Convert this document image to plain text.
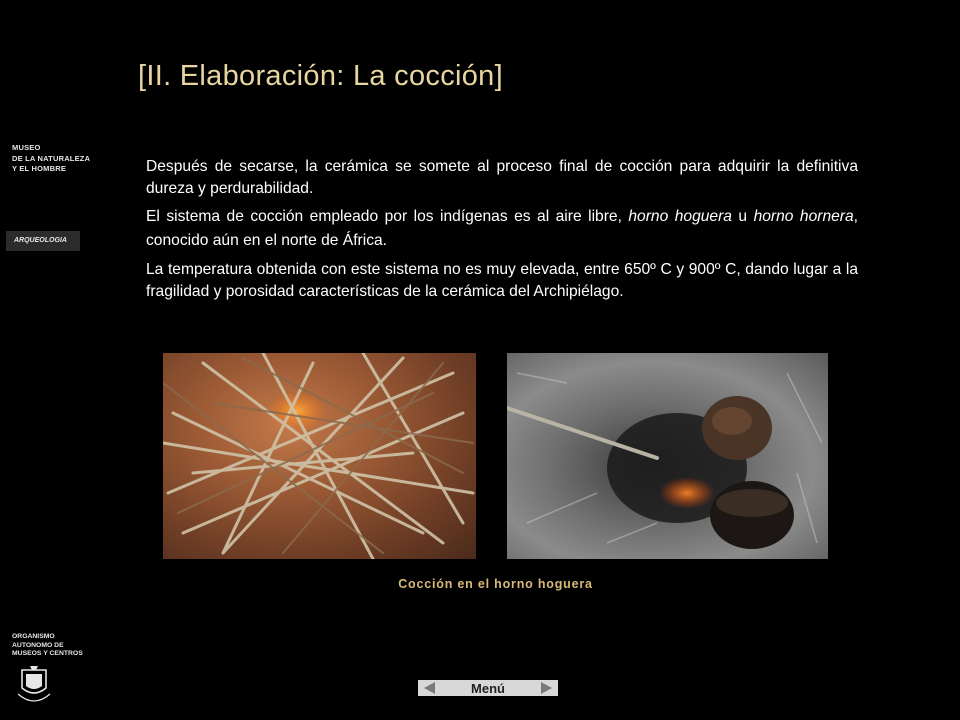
[II. Elaboración: La cocción]
MUSEO
DE LA NATURALEZA
Y EL HOMBRE
ARQUEOLOGIA

Después de secarse, la cerámica se somete al proceso final de cocción para adquirir la definitiva dureza y perdurabilidad.

El sistema de cocción empleado por los indígenas es al aire libre, horno hoguera u horno hornera, conocido aún en el norte de África.

La temperatura obtenida con este sistema no es muy elevada, entre 650º C y 900º C, dando lugar a la fragilidad y porosidad características de la cerámica del Archipiélago.

Cocción en el horno hoguera
ORGANISMO
AUTONOMO DE
MUSEOS Y CENTROS
Menú
